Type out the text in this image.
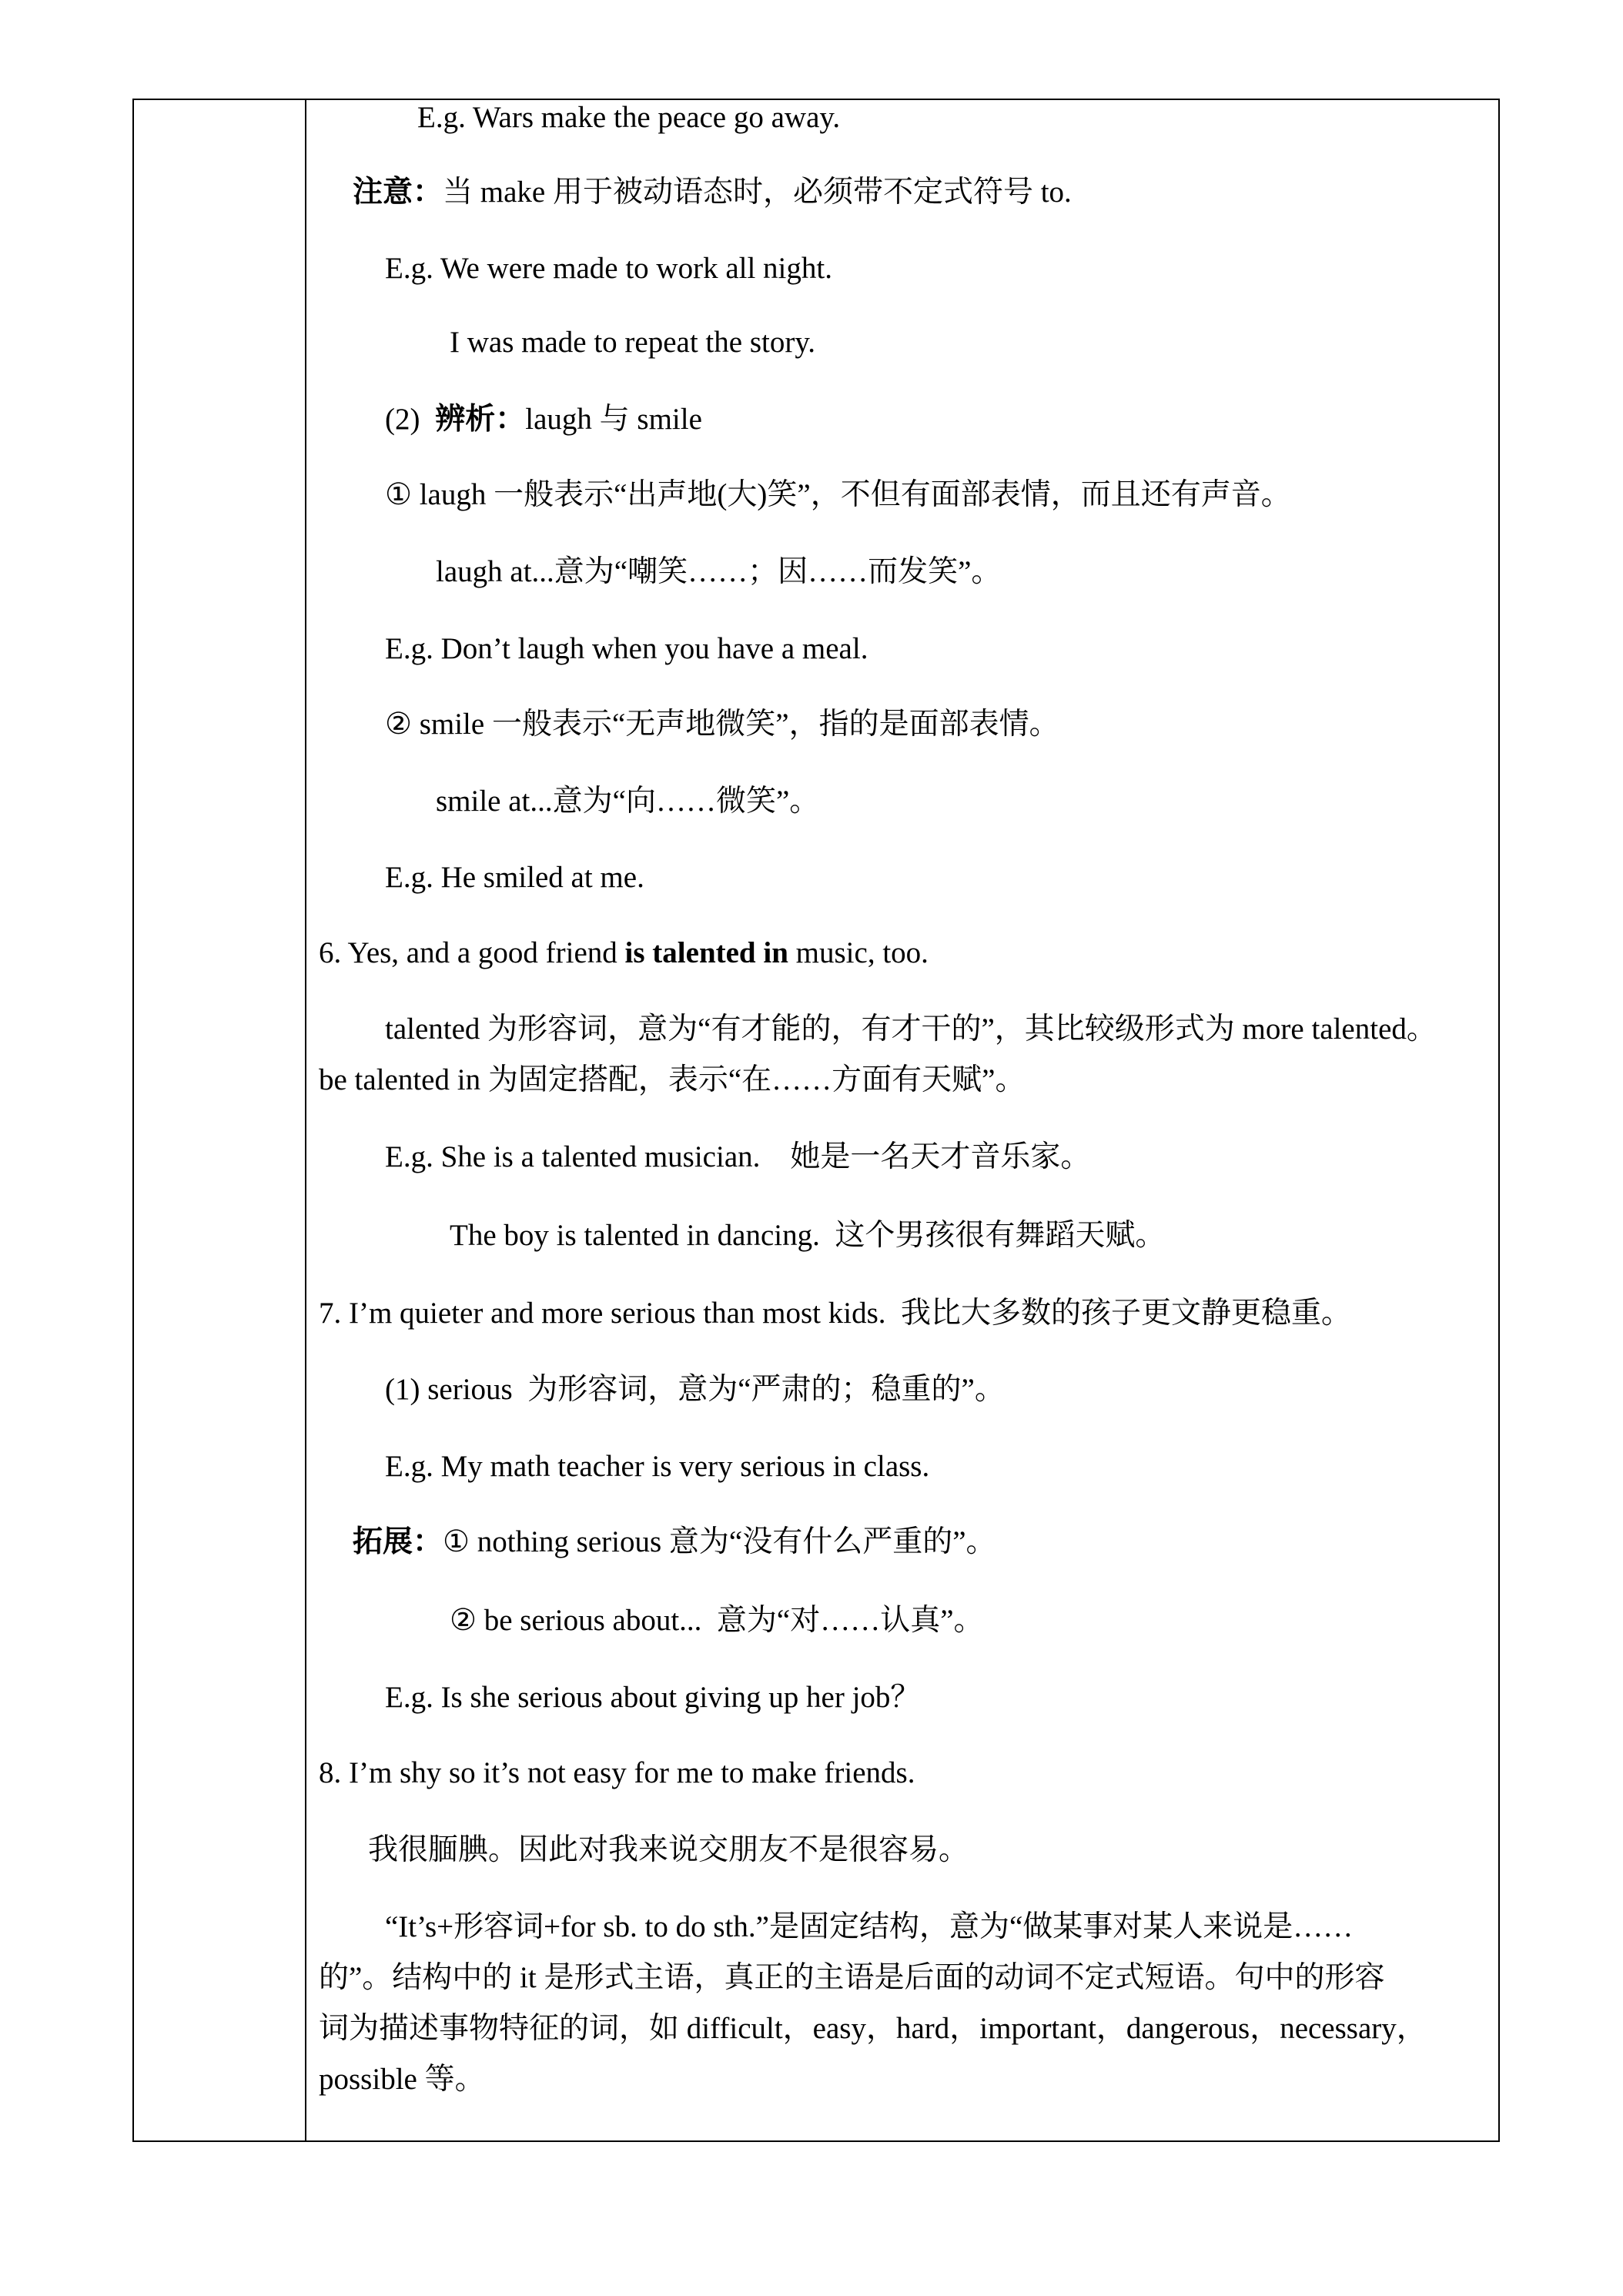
E.g. Wars make the peace go away.
注意：当 make 用于被动语态时，必须带不定式符号 to.
E.g. We were made to work all night.
I was made to repeat the story.
(2) 辨析：laugh 与 smile
① laugh 一般表示“出声地(大)笑”，不但有面部表情，而且还有声音。
laugh at...意为“嘲笑……；因……而发笑”。
E.g. Don’t laugh when you have a meal.
② smile 一般表示“无声地微笑”，指的是面部表情。
smile at...意为“向……微笑”。
E.g. He smiled at me.
6. Yes, and a good friend is talented in music, too.
talented 为形容词，意为“有才能的，有才干的”，其比较级形式为 more talented。
be talented in 为固定搭配，表示“在……方面有天赋”。
E.g. She is a talented musician.    她是一名天才音乐家。
The boy is talented in dancing.  这个男孩很有舞蹈天赋。
7. I’m quieter and more serious than most kids.  我比大多数的孩子更文静更稳重。
(1) serious  为形容词，意为“严肃的；稳重的”。
E.g. My math teacher is very serious in class.
拓展：① nothing serious 意为“没有什么严重的”。
② be serious about...  意为“对……认真”。
E.g. Is she serious about giving up her job？
8. I’m shy so it’s not easy for me to make friends.
我很腼腆。因此对我来说交朋友不是很容易。
“It’s+形容词+for sb. to do sth.”是固定结构，意为“做某事对某人来说是……
的”。结构中的 it 是形式主语，真正的主语是后面的动词不定式短语。句中的形容
词为描述事物特征的词，如 difficult，easy，hard，important，dangerous，necessary，
possible 等。
